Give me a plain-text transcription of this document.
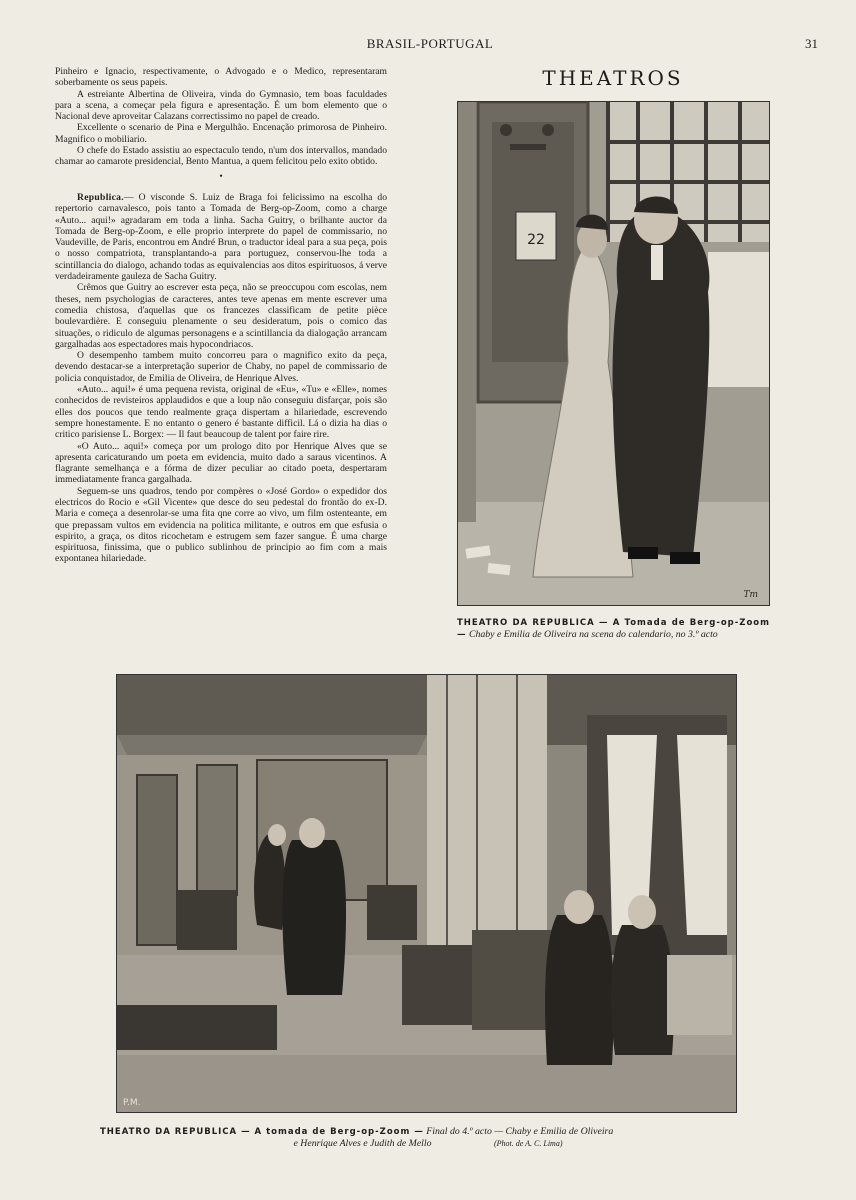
BRASIL-PORTUGAL	31

Pinheiro e Ignacio, respectivamente, o Advogado e o Medico, representaram soberbamente os seus papeis.

A estreiante Albertina de Oliveira, vinda do Gymnasio, tem boas faculdades para a scena, a começar pela figura e apresentação. É um bom elemento que o Nacional deve aproveitar Calazans correctissimo no papel de creado.

Excellente o scenario de Pina e Mergulhão. Encenação primorosa de Pinheiro. Magnifico o mobiliario.

O chefe do Estado assistiu ao espectaculo tendo, n'um dos intervallos, mandado chamar ao camarote presidencial, Bento Mantua, a quem felicitou pelo exito obtido.

•

Republica.— O visconde S. Luiz de Braga foi felicissimo na escolha do repertorio carnavalesco, pois tanto a Tomada de Berg-op-Zoom, como a charge «Auto... aqui!» agradaram em toda a linha. Sacha Guitry, o brilhante auctor da Tomada de Berg-op-Zoom, e elle proprio interprete do papel de commissario, no Vaudeville, de Paris, encontrou em André Brun, o traductor ideal para a sua peça, pois o nosso compatriota, transplantando-a para portuguez, conservou-lhe toda a scintillancia do dialogo, achando todas as equivalencias aos ditos espirituosos, á verve verdadeiramente gauleza de Sacha Guitry.

Crêmos que Guitry ao escrever esta peça, não se preoccupou com escolas, nem theses, nem psychologias de caracteres, antes teve apenas em mente escrever uma comedia chistosa, d'aquellas que os francezes classificam de petite pièce boulevardière. E conseguiu plenamente o seu desideratum, pois o comico das situações, o ridiculo de algumas personagens e a scintillancia da dialogação arrancam gargalhadas aos espectadores mais hypocondriacos.

O desempenho tambem muito concorreu para o magnifico exito da peça, devendo destacar-se a interpretação superior de Chaby, no papel de commissario de policia conquistador, de Emilia de Oliveira, de Henrique Alves.

«Auto... aqui!» é uma pequena revista, original de «Eu», «Tu» e «Elle», nomes conhecidos de revisteiros applaudidos e que a loup não conseguiu disfarçar, pois são elles dos poucos que tendo realmente graça dispertam a hilariedade, escrevendo sempre honestamente. E no entanto o genero é bastante difficil. Lá o dizia ha dias o critico parisiense L. Borgex: — Il faut beaucoup de talent por faire rire.

«O Auto... aqui!» começa por um prologo dito por Henrique Alves que se apresenta caricaturando um poeta em evidencia, muito dado a saraus vicentinos. A flagrante semelhança e a fórma de dizer peculiar ao citado poeta, despertaram immediatamente franca gargalhada.

Seguem-se uns quadros, tendo por compères o «José Gordo» o expedidor dos electricos do Rocio e «Gil Vicente» que desce do seu pedestal do frontão do ex-D. Maria e começa a desenrolar-se uma fita qne corre ao vivo, um film ostenteante, em que prepassam vultos em evidencia na politica militante, e outros em que esfusia o espirito, a graça, os ditos ricochetam e estrugem sem fazer sangue. É uma charge espirituosa, finissima, que o publico sublinhou de principio ao fim com a mais expontanea hilariedade.

THEATROS
22
Tm
THEATRO DA REPUBLICA — A Tomada de Berg-op-Zoom — Chaby e Emilia de Oliveira na scena do calendario, no 3.º acto
P.M.
THEATRO DA REPUBLICA — A tomada de Berg-op-Zoom — Final do 4.º acto — Chaby e Emilia de Oliveira
e Henrique Alves e Judith de Mello	(Phot. de A. C. Lima)
